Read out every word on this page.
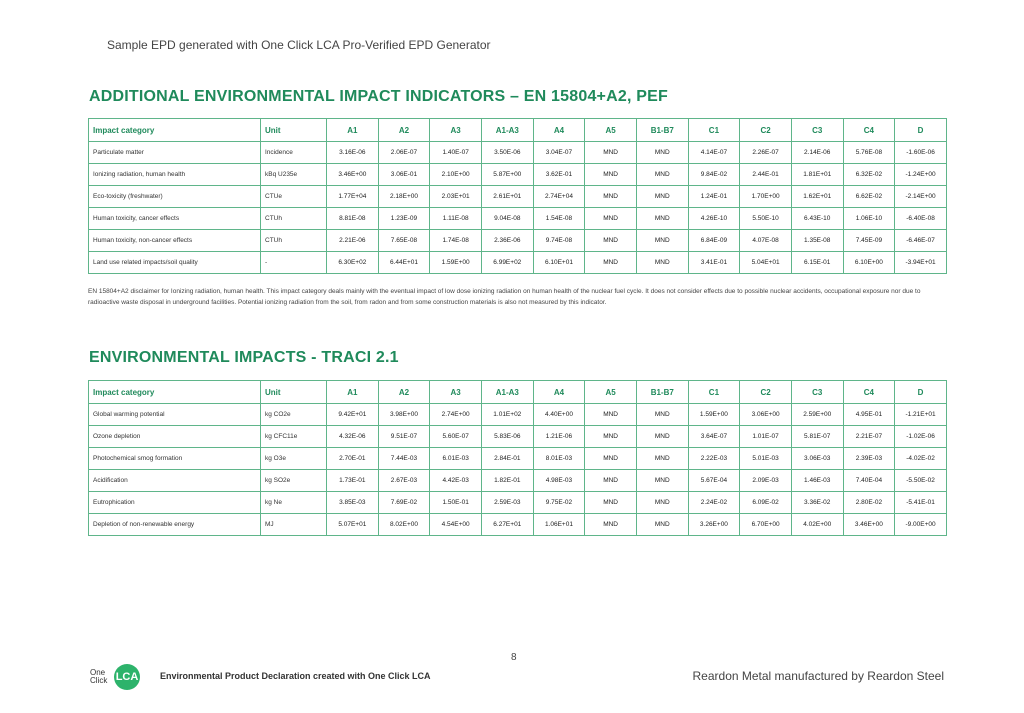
Sample EPD generated with One Click LCA Pro-Verified EPD Generator
ADDITIONAL ENVIRONMENTAL IMPACT INDICATORS – EN 15804+A2, PEF
Impact category	Unit	A1	A2	A3	A1-A3	A4	A5	B1-B7	C1	C2	C3	C4	D
Particulate matter	Incidence	3.16E-06	2.06E-07	1.40E-07	3.50E-06	3.04E-07	MND	MND	4.14E-07	2.26E-07	2.14E-06	5.76E-08	-1.60E-06
Ionizing radiation, human health	kBq U235e	3.46E+00	3.06E-01	2.10E+00	5.87E+00	3.62E-01	MND	MND	9.84E-02	2.44E-01	1.81E+01	6.32E-02	-1.24E+00
Eco-toxicity (freshwater)	CTUe	1.77E+04	2.18E+00	2.03E+01	2.61E+01	2.74E+04	MND	MND	1.24E-01	1.70E+00	1.62E+01	6.62E-02	-2.14E+00
Human toxicity, cancer effects	CTUh	8.81E-08	1.23E-09	1.11E-08	9.04E-08	1.54E-08	MND	MND	4.26E-10	5.50E-10	6.43E-10	1.06E-10	-6.40E-08
Human toxicity, non-cancer effects	CTUh	2.21E-06	7.65E-08	1.74E-08	2.36E-06	9.74E-08	MND	MND	6.84E-09	4.07E-08	1.35E-08	7.45E-09	-6.46E-07
Land use related impacts/soil quality	-	6.30E+02	6.44E+01	1.59E+00	6.99E+02	6.10E+01	MND	MND	3.41E-01	5.04E+01	6.15E-01	6.10E+00	-3.94E+01
EN 15804+A2 disclaimer for Ionizing radiation, human health. This impact category deals mainly with the eventual impact of low dose ionizing radiation on human health of the nuclear fuel cycle. It does not consider effects due to possible nuclear accidents, occupational exposure nor due to radioactive waste disposal in underground facilities. Potential ionizing radiation from the soil, from radon and from some construction materials is also not measured by this indicator.
ENVIRONMENTAL IMPACTS - TRACI 2.1
Impact category	Unit	A1	A2	A3	A1-A3	A4	A5	B1-B7	C1	C2	C3	C4	D
Global warming potential	kg CO2e	9.42E+01	3.98E+00	2.74E+00	1.01E+02	4.40E+00	MND	MND	1.59E+00	3.06E+00	2.59E+00	4.95E-01	-1.21E+01
Ozone depletion	kg CFC11e	4.32E-06	9.51E-07	5.60E-07	5.83E-06	1.21E-06	MND	MND	3.64E-07	1.01E-07	5.81E-07	2.21E-07	-1.02E-06
Photochemical smog formation	kg O3e	2.70E-01	7.44E-03	6.01E-03	2.84E-01	8.01E-03	MND	MND	2.22E-03	5.01E-03	3.06E-03	2.39E-03	-4.02E-02
Acidification	kg SO2e	1.73E-01	2.67E-03	4.42E-03	1.82E-01	4.98E-03	MND	MND	5.67E-04	2.09E-03	1.46E-03	7.40E-04	-5.50E-02
Eutrophication	kg Ne	3.85E-03	7.69E-02	1.50E-01	2.59E-03	9.75E-02	MND	MND	2.24E-02	6.09E-02	3.36E-02	2.80E-02	-5.41E-01
Depletion of non-renewable energy	MJ	5.07E+01	8.02E+00	4.54E+00	6.27E+01	1.06E+01	MND	MND	3.26E+00	6.70E+00	4.02E+00	3.46E+00	-9.00E+00
8
One Click LCA Environmental Product Declaration created with One Click LCA	Reardon Metal manufactured by Reardon Steel
